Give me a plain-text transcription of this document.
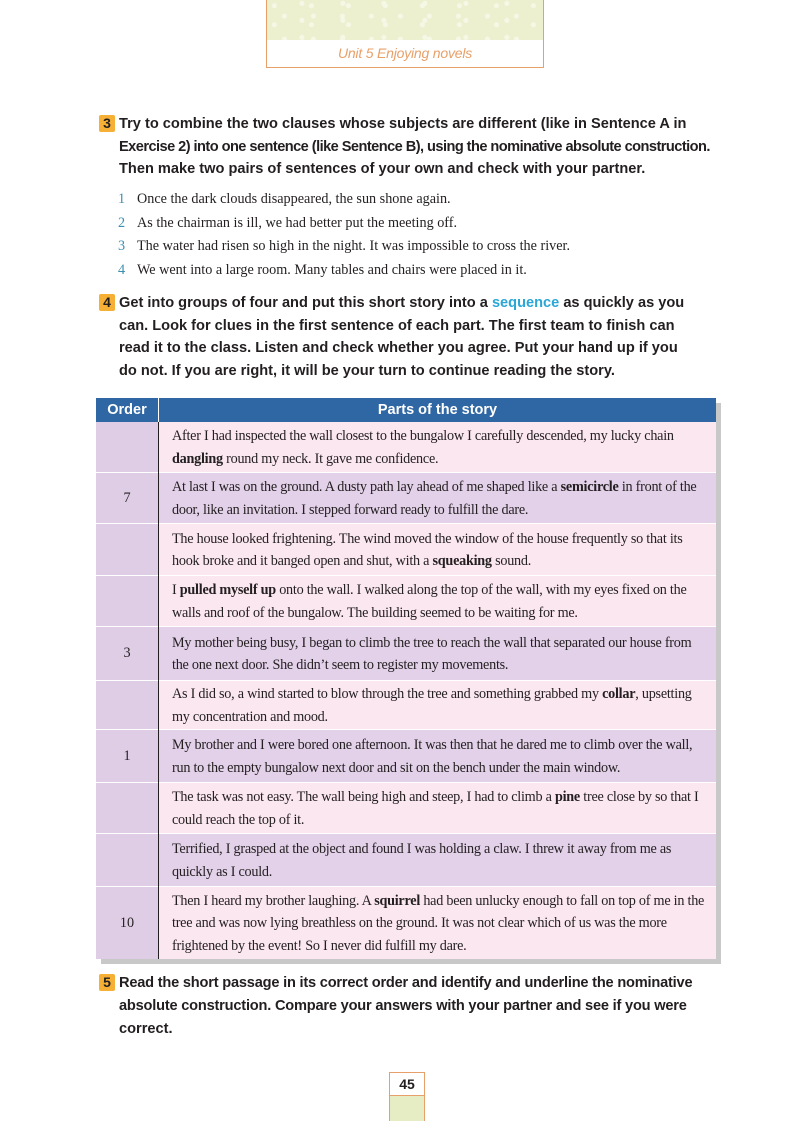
Unit 5 Enjoying novels
3 Try to combine the two clauses whose subjects are different (like in Sentence A in
Exercise 2) into one sentence (like Sentence B), using the nominative absolute construction.
Then make two pairs of sentences of your own and check with your partner.
1 Once the dark clouds disappeared, the sun shone again.
2 As the chairman is ill, we had better put the meeting off.
3 The water had risen so high in the night. It was impossible to cross the river.
4 We went into a large room. Many tables and chairs were placed in it.
4 Get into groups of four and put this short story into a sequence as quickly as you
can. Look for clues in the first sentence of each part. The first team to finish can
read it to the class. Listen and check whether you agree. Put your hand up if you
do not. If you are right, it will be your turn to continue reading the story.
Order	Parts of the story
	After I had inspected the wall closest to the bungalow I carefully descended, my lucky chain dangling round my neck. It gave me confidence.
7	At last I was on the ground. A dusty path lay ahead of me shaped like a semicircle in front of the door, like an invitation. I stepped forward ready to fulfill the dare.
	The house looked frightening. The wind moved the window of the house frequently so that its hook broke and it banged open and shut, with a squeaking sound.
	I pulled myself up onto the wall. I walked along the top of the wall, with my eyes fixed on the walls and roof of the bungalow. The building seemed to be waiting for me.
3	My mother being busy, I began to climb the tree to reach the wall that separated our house from the one next door. She didn’t seem to register my movements.
	As I did so, a wind started to blow through the tree and something grabbed my collar, upsetting my concentration and mood.
1	My brother and I were bored one afternoon. It was then that he dared me to climb over the wall, run to the empty bungalow next door and sit on the bench under the main window.
	The task was not easy. The wall being high and steep, I had to climb a pine tree close by so that I could reach the top of it.
	Terrified, I grasped at the object and found I was holding a claw. I threw it away from me as quickly as I could.
10	Then I heard my brother laughing. A squirrel had been unlucky enough to fall on top of me in the tree and was now lying breathless on the ground. It was not clear which of us was the more frightened by the event! So I never did fulfill my dare.
5 Read the short passage in its correct order and identify and underline the nominative
absolute construction. Compare your answers with your partner and see if you were
correct.
45
